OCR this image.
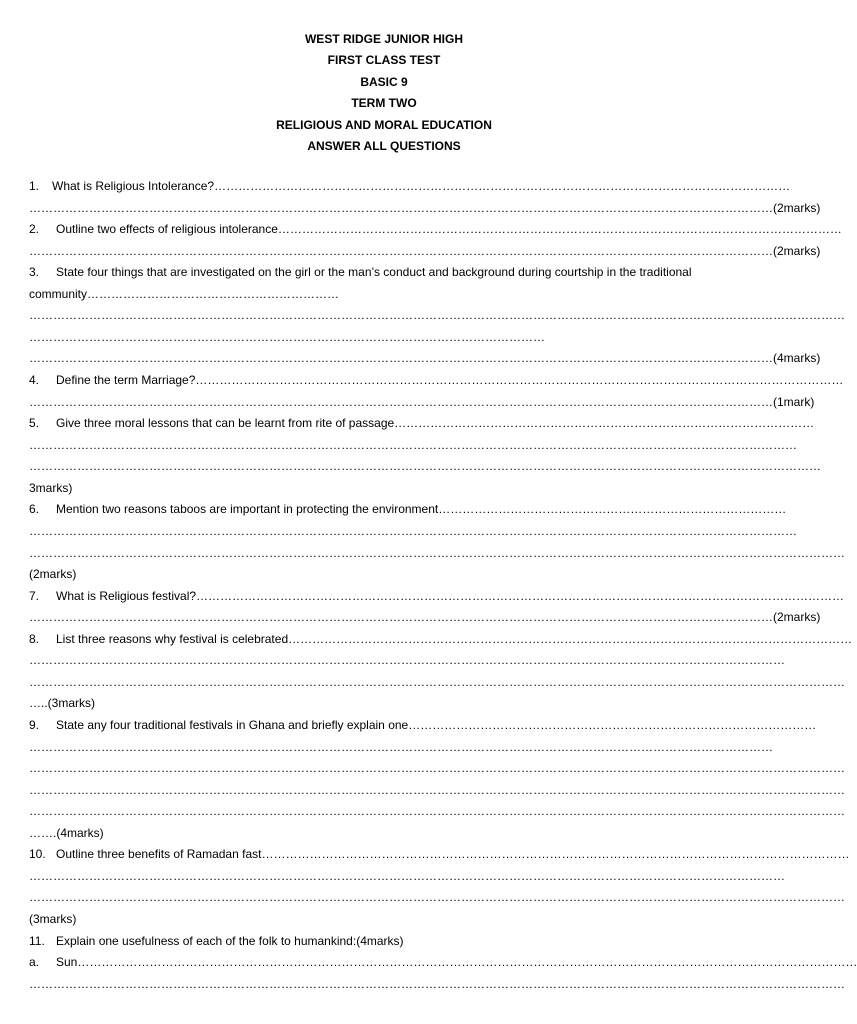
WEST RIDGE JUNIOR HIGH
FIRST CLASS TEST
BASIC 9
TERM TWO
RELIGIOUS AND MORAL EDUCATION
ANSWER ALL QUESTIONS
1. What is Religious Intolerance?………………………………………………………………………………………………………………………………
……………………………………………………………………………………………………………………………………………………………………(2marks)
2. Outline two effects of religious intolerance……………………………………………………………………………………………………………………………
……………………………………………………………………………………………………………………………………………………………………(2marks)
3. State four things that are investigated on the girl or the man’s conduct and background during courtship in the traditional
community………………………………………………………
……………………………………………………………………………………………………………………………………………………………………………………
…………………………………………………………………………………………………………………
……………………………………………………………………………………………………………………………………………………………………(4marks)
4. Define the term Marriage?………………………………………………………………………………………………………………………………………………
……………………………………………………………………………………………………………………………………………………………………(1mark)
5. Give three moral lessons that can be learnt from rite of passage……………………………………………………………………………………………
…………………………………………………………………………………………………………………………………………………………………………
………………………………………………………………………………………………………………………………………………………………………………
3marks)
6. Mention two reasons taboos are important in protecting the environment……………………………………………………………………………
…………………………………………………………………………………………………………………………………………………………………………
……………………………………………………………………………………………………………………………………………………………………………………
(2marks)
7. What is Religious festival?………………………………………………………………………………………………………………………………………………
……………………………………………………………………………………………………………………………………………………………………(2marks)
8. List three reasons why festival is celebrated……………………………………………………………………………………………………………………………
………………………………………………………………………………………………………………………………………………………………………
……………………………………………………………………………………………………………………………………………………………………………………
…..(3marks)
9. State any four traditional festivals in Ghana and briefly explain one…………………………………………………………………………………………
……………………………………………………………………………………………………………………………………………………………………
……………………………………………………………………………………………………………………………………………………………………………………
……………………………………………………………………………………………………………………………………………………………………………………
……………………………………………………………………………………………………………………………………………………………………………………
…….(4marks)
10. Outline three benefits of Ramadan fast…………………………………………………………………………………………………………………………………
………………………………………………………………………………………………………………………………………………………………………
……………………………………………………………………………………………………………………………………………………………………………………
(3marks)
11. Explain one usefulness of each of the folk to humankind:(4marks)
a. Sun……………………………………………………………………………………………………………………………………………………………………………
……………………………………………………………………………………………………………………………………………………………………………………
